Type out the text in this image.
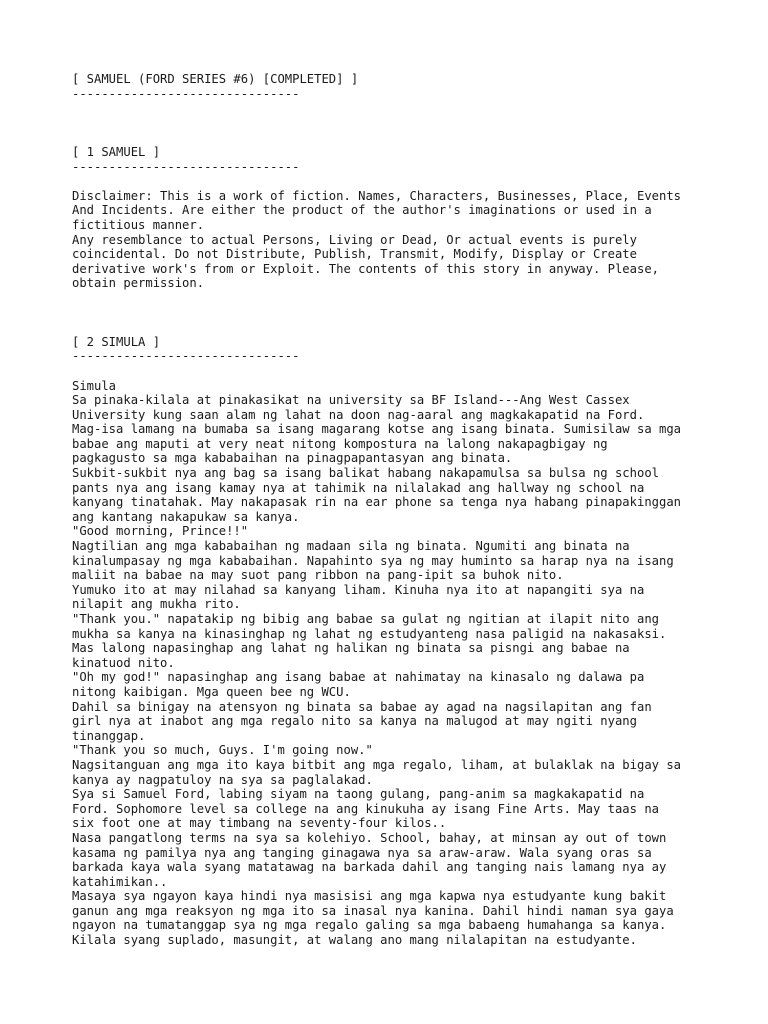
[ SAMUEL (FORD SERIES #6) [COMPLETED] ]
-------------------------------
[ 1 SAMUEL ]
-------------------------------
Disclaimer: This is a work of fiction. Names, Characters, Businesses, Place, Events
And Incidents. Are either the product of the author's imaginations or used in a
fictitious manner.
Any resemblance to actual Persons, Living or Dead, Or actual events is purely
coincidental. Do not Distribute, Publish, Transmit, Modify, Display or Create
derivative work's from or Exploit. The contents of this story in anyway. Please,
obtain permission.
[ 2 SIMULA ]
-------------------------------
Simula
Sa pinaka-kilala at pinakasikat na university sa BF Island---Ang West Cassex
University kung saan alam ng lahat na doon nag-aaral ang magkakapatid na Ford.
Mag-isa lamang na bumaba sa isang magarang kotse ang isang binata. Sumisilaw sa mga
babae ang maputi at very neat nitong kompostura na lalong nakapagbigay ng
pagkagusto sa mga kababaihan na pinagpapantasyan ang binata.
Sukbit-sukbit nya ang bag sa isang balikat habang nakapamulsa sa bulsa ng school
pants nya ang isang kamay nya at tahimik na nilalakad ang hallway ng school na
kanyang tinatahak. May nakapasak rin na ear phone sa tenga nya habang pinapakinggan
ang kantang nakapukaw sa kanya.
"Good morning, Prince!!"
Nagtilian ang mga kababaihan ng madaan sila ng binata. Ngumiti ang binata na
kinalumpasay ng mga kababaihan. Napahinto sya ng may huminto sa harap nya na isang
maliit na babae na may suot pang ribbon na pang-ipit sa buhok nito.
Yumuko ito at may nilahad sa kanyang liham. Kinuha nya ito at napangiti sya na
nilapit ang mukha rito.
"Thank you." napatakip ng bibig ang babae sa gulat ng ngitian at ilapit nito ang
mukha sa kanya na kinasinghap ng lahat ng estudyanteng nasa paligid na nakasaksi.
Mas lalong napasinghap ang lahat ng halikan ng binata sa pisngi ang babae na
kinatuod nito.
"Oh my god!" napasinghap ang isang babae at nahimatay na kinasalo ng dalawa pa
nitong kaibigan. Mga queen bee ng WCU.
Dahil sa binigay na atensyon ng binata sa babae ay agad na nagsilapitan ang fan
girl nya at inabot ang mga regalo nito sa kanya na malugod at may ngiti nyang
tinanggap.
"Thank you so much, Guys. I'm going now."
Nagsitanguan ang mga ito kaya bitbit ang mga regalo, liham, at bulaklak na bigay sa
kanya ay nagpatuloy na sya sa paglalakad.
Sya si Samuel Ford, labing siyam na taong gulang, pang-anim sa magkakapatid na
Ford. Sophomore level sa college na ang kinukuha ay isang Fine Arts. May taas na
six foot one at may timbang na seventy-four kilos..
Nasa pangatlong terms na sya sa kolehiyo. School, bahay, at minsan ay out of town
kasama ng pamilya nya ang tanging ginagawa nya sa araw-araw. Wala syang oras sa
barkada kaya wala syang matatawag na barkada dahil ang tanging nais lamang nya ay
katahimikan..
Masaya sya ngayon kaya hindi nya masisisi ang mga kapwa nya estudyante kung bakit
ganun ang mga reaksyon ng mga ito sa inasal nya kanina. Dahil hindi naman sya gaya
ngayon na tumatanggap sya ng mga regalo galing sa mga babaeng humahanga sa kanya.
Kilala syang suplado, masungit, at walang ano mang nilalapitan na estudyante.
